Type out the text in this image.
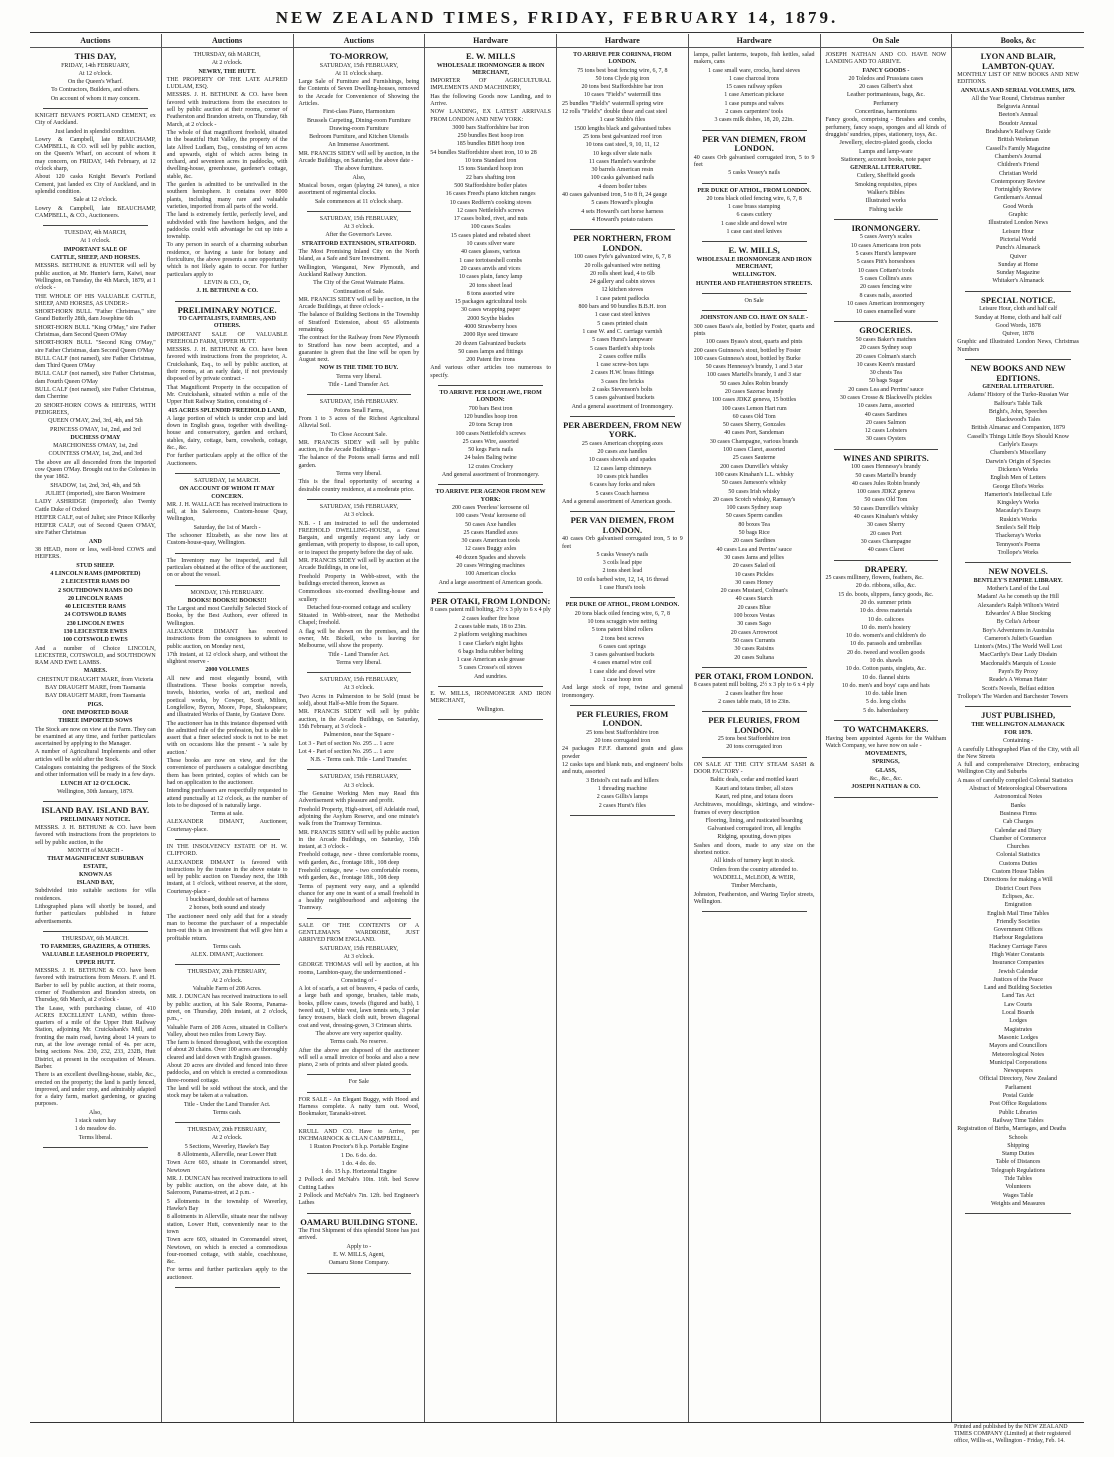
NEW ZEALAND TIMES, FRIDAY, FEBRUARY 14, 1879.
Auctions
THIS DAY,
FRIDAY, 14th FEBRUARY,
At 12 o'clock.
On the Queen's Wharf.
To Contractors, Builders, and others.
On account of whom it may concern.
KNIGHT BEVAN'S PORTLAND CEMENT, ex City of Auckland.
Just landed in splendid condition.
Lowry & Campbell, late BEAUCHAMP, CAMPBELL, & CO. will sell by public auction, on the Queen's Wharf, on account of whom it may concern, on FRIDAY, 14th February, at 12 o'clock sharp,
About 120 casks Knight Bevan's Portland Cement, just landed ex City of Auckland, and in splendid condition.
Sale at 12 o'clock.
Lowry & Campbell, late BEAUCHAMP, CAMPBELL, & CO., Auctioneers.
TUESDAY, 4th MARCH,
At 1 o'clock.
IMPORTANT SALE OF
CATTLE, SHEEP, AND HORSES.
MESSRS. BETHUNE & HUNTER will sell by public auction, at Mr. Hunter's farm, Kaiwi, near Wellington, on Tuesday, the 4th March, 1879, at 1 o'clock -
THE WHOLE OF HIS VALUABLE CATTLE, SHEEP, AND HORSES, AS UNDER:-
SHORT-HORN BULL "Father Christmas," sire Grand Butterfly 28th, dam Josephine 6th
SHORT-HORN BULL "King O'May," sire Father Christmas, dam Second Queen O'May
SHORT-HORN BULL "Second King O'May," sire Father Christmas, dam Second Queen O'May
BULL CALF (not named), sire Father Christmas, dam Third Queen O'May
BULL CALF (not named), sire Father Christmas, dam Fourth Queen O'May
BULL CALF (not named), sire Father Christmas, dam Cherrine
20 SHORT-HORN COWS & HEIFERS, WITH PEDIGREES,
QUEEN O'MAY, 2nd, 3rd, 4th, and 5th
PRINCESS O'MAY, 1st, 2nd, and 3rd
DUCHESS O'MAY
MARCHIONESS O'MAY, 1st, 2nd
COUNTESS O'MAY, 1st, 2nd, and 3rd
The above are all descended from the imported cow Queen O'May. Brought out to the Colonies in the year 1862.
SHADOW, 1st, 2nd, 3rd, 4th, and 5th
JULIET (imported), sire Baron Westmere
LADY ASHRIDGE (imported); also Twenty Cattle Duke of Oxford
HEIFER CALF, out of Juliet; sire Prince Kilkerby
HEIFER CALF, out of Second Queen O'MAY, sire Father Christmas
AND
38 HEAD, more or less, well-bred COWS and HEIFERS.
STUD SHEEP.
4 LINCOLN RAMS (IMPORTED)
2 LEICESTER RAMS DO
2 SOUTHDOWN RAMS DO
20 LINCOLN RAMS
40 LEICESTER RAMS
24 COTSWOLD RAMS
230 LINCOLN EWES
130 LEICESTER EWES
100 COTSWOLD EWES
And a number of Choice LINCOLN, LEICESTER, COTSWOLD, and SOUTHDOWN RAM AND EWE LAMBS.
MARES.
CHESTNUT DRAUGHT MARE, from Victoria
BAY DRAUGHT MARE, from Tasmania
BAY DRAUGHT MARE, from Tasmania
PIGS.
ONE IMPORTED BOAR
THREE IMPORTED SOWS
The Stock are now on view at the Farm. They can be examined at any time, and further particulars ascertained by applying to the Manager.
A number of Agricultural Implements and other articles will be sold after the Stock.
Catalogues containing the pedigrees of the Stock and other information will be ready in a few days.
LUNCH AT 12 O'CLOCK.
Wellington, 30th January, 1879.
ISLAND BAY. ISLAND BAY.
PRELIMINARY NOTICE.
MESSRS. J. H. BETHUNE & CO. have been favored with instructions from the proprietors to sell by public auction, in the
MONTH of MARCH -
THAT MAGNIFICENT SUBURBAN ESTATE,
KNOWN AS
ISLAND BAY,
Subdivided into suitable sections for villa residences.
Lithographed plans will shortly be issued, and further particulars published in future advertisements.
THURSDAY, 6th MARCH.
TO FARMERS, GRAZIERS, & OTHERS.
VALUABLE LEASEHOLD PROPERTY, UPPER HUTT.
MESSRS. J. H. BETHUNE & CO. have been favored with instructions from Messrs. F. and H. Barber to sell by public auction, at their rooms, corner of Featherston and Brandon streets, on Thursday, 6th March, at 2 o'clock -
The Lease, with purchasing clause, of 410 ACRES EXCELLENT LAND, within three-quarters of a mile of the Upper Hutt Railway Station, adjoining Mr. Cruickshank's Mill, and fronting the main road, having about 14 years to run, at the low average rental of 4s. per acre, being sections Nos. 230, 232, 233, 232B, Hutt District, at present in the occupation of Messrs. Barber.
There is an excellent dwelling-house, stable, &c., erected on the property; the land is partly fenced, improved, and under crop, and admirably adapted for a dairy farm, market gardening, or grazing purposes.
Also,
1 stack oaten hay
1 do meadow do.
Terms liberal.
Auctions
THURSDAY, 6th MARCH,
At 2 o'clock.
NEWRY, THE HUTT.
THE PROPERTY OF THE LATE ALFRED LUDLAM, ESQ.
MESSRS. J. H. BETHUNE & CO. have been favored with instructions from the executors to sell by public auction at their rooms, corner of Featherston and Brandon streets, on Thursday, 6th March, at 2 o'clock -
The whole of that magnificent freehold, situated in the beautiful Hutt Valley, the property of the late Alfred Ludlam, Esq., consisting of ten acres and upwards, eight of which acres being in orchard, and seventeen acres in paddocks, with dwelling-house, greenhouse, gardener's cottage, stable, &c.
The garden is admitted to be unrivalled in the southern hemisphere. It contains over 8000 plants, including many rare and valuable varieties, imported from all parts of the world.
The land is extremely fertile, perfectly level, and subdivided with fine hawthorn hedges, and the paddocks could with advantage be cut up into a township.
To any person in search of a charming suburban residence, or having a taste for botany and floriculture, the above presents a rare opportunity which is not likely again to occur. For further particulars apply to
LEVIN & CO., Or,
J. H. BETHUNE & CO.
PRELIMINARY NOTICE.
TO CAPITALISTS, FARMERS, AND OTHERS.
IMPORTANT SALE OF VALUABLE FREEHOLD FARM, UPPER HUTT.
MESSRS. J. H. BETHUNE & CO. have been favored with instructions from the proprietor, A. Cruickshank, Esq., to sell by public auction, at their rooms, at an early date, if not previously disposed of by private contract -
That Magnificent Property in the occupation of Mr. Cruickshank, situated within a mile of the Upper Hutt Railway Station, consisting of -
415 ACRES SPLENDID FREEHOLD LAND,
A large portion of which is under crop and laid down in English grass, together with dwelling-house and conservatory, garden and orchard, stables, dairy, cottage, barn, cowsheds, cottage, &c., &c.
For further particulars apply at the office of the Auctioneers.
SATURDAY, 1st MARCH.
ON ACCOUNT OF WHOM IT MAY CONCERN.
MR. J. H. WALLACE has received instructions to sell, at his Salerooms, Custom-house Quay, Wellington,
Saturday, the 1st of March -
The schooner Elizabeth, as she now lies at Custom-house-quay, Wellington.
The Inventory may be inspected, and full particulars obtained at the office of the auctioneer, on or about the vessel.
MONDAY, 17th FEBRUARY.
BOOKS! BOOKS!! BOOKS!!!
The Largest and most Carefully Selected Stock of Books, by the Best Authors, ever offered in Wellington.
ALEXANDER DIMANT has received instructions from the consignees to submit to public auction, on Monday next,
17th instant, at 12 o'clock sharp, and without the slightest reserve -
2000 VOLUMES
All new and most elegantly bound, with illustrations. These books comprise novels, travels, histories, works of art, medical and poetical works, by Cowper, Scott, Milton, Longfellow, Byron, Moore, Pope, Shakespeare; and illustrated Works of Dante, by Gustave Dore.
The auctioneer has in this instance dispensed with the admitted rule of the profession, but is able to assert that a finer selected stock is not to be met with on occasions like the present - 'a sale by auction.'
These books are now on view, and for the convenience of purchasers a catalogue describing them has been printed, copies of which can be had on application to the auctioneer.
Intending purchasers are respectfully requested to attend punctually at 12 o'clock, as the number of lots to be disposed of is naturally large.
Terms at sale.
ALEXANDER DIMANT, Auctioneer, Courtenay-place.
IN THE INSOLVENCY ESTATE OF H. W. CLIFFORD.
ALEXANDER DIMANT is favored with instructions by the trustee in the above estate to sell by public auction on Tuesday next, the 18th instant, at 1 o'clock, without reserve, at the store, Courtenay-place -
1 buckboard, double set of harness
2 horses, both sound and steady
The auctioneer need only add that for a steady man to become the purchaser of a respectable turn-out this is an investment that will give him a profitable return.
Terms cash.
ALEX. DIMANT, Auctioneer.
THURSDAY, 20th FEBRUARY,
At 2 o'clock.
Valuable Farm of 208 Acres.
MR. J. DUNCAN has received instructions to sell by public auction, at his Sale Rooms, Panama-street, on Thursday, 20th instant, at 2 o'clock, p.m., -
Valuable Farm of 208 Acres, situated in Collier's Valley, about two miles from Lowry Bay.
The farm is fenced throughout, with the exception of about 20 chains. Over 100 acres are thoroughly cleared and laid down with English grasses.
About 20 acres are divided and fenced into three paddocks, and on which is erected a commodious three-roomed cottage.
The land will be sold without the stock, and the stock may be taken at a valuation.
Title - Under the Land Transfer Act.
Terms cash.
THURSDAY, 20th FEBRUARY,
At 2 o'clock.
5 Sections, Waverley, Hawke's Bay
8 Allotments, Allerville, near Lower Hutt
Town Acre 603, situate in Coromandel street, Newtown
MR. J. DUNCAN has received instructions to sell by public auction, on the above date, at his Saleroom, Panama-street, at 2 p.m. -
5 allotments in the township of Waverley, Hawke's Bay
8 allotments in Allerville, situate near the railway station, Lower Hutt, conveniently near to the town
Town acre 603, situated in Coromandel street, Newtown, on which is erected a commodious four-roomed cottage, with stable, coachhouse, &c.
For terms and further particulars apply to the auctioneer.
Auctions
TO-MORROW,
SATURDAY, 15th FEBRUARY,
At 11 o'clock sharp.
Large Sale of Furniture and Furnishings, being the Contents of Seven Dwelling-houses, removed to the Arcade for Convenience of Showing the Articles.
First-class Piano, Harmonium
Brussels Carpeting, Dining-room Furniture
Drawing-room Furniture
Bedroom Furniture, and Kitchen Utensils
An Immense Assortment.
MR. FRANCIS SIDEY will sell by auction, in the Arcade Buildings, on Saturday, the above date -
The above furniture.
Also,
Musical boxes, organ (playing 24 tunes), a nice assortment of regimental clocks.
Sale commences at 11 o'clock sharp.
SATURDAY, 15th FEBRUARY,
At 3 o'clock.
After the Governor's Levee.
STRATFORD EXTENSION, STRATFORD.
The Most Promising Inland City on the North Island, as a Safe and Sure Investment.
Wellington, Wanganui, New Plymouth, and Auckland Railway Junction.
The City of the Great Waimate Plains.
Continuation of Sale.
MR. FRANCIS SIDEY will sell by auction, in the Arcade Buildings, at three o'clock -
The balance of Building Sections in the Township of Stratford Extension, about 65 allotments remaining.
The contract for the Railway from New Plymouth to Stratford has now been accepted, and a guarantee is given that the line will be open by August next.
NOW IS THE TIME TO BUY.
Terms very liberal.
Title - Land Transfer Act.
SATURDAY, 15th FEBRUARY.
Potons Small Farms,
From 1 to 3 acres of the Richest Agricultural Alluvial Soil.
To Close Account Sale.
MR. FRANCIS SIDEY will sell by public auction, in the Arcade Buildings -
The balance of the Potons small farms and mill garden.
Terms very liberal.
This is the final opportunity of securing a desirable country residence, at a moderate price.
SATURDAY, 15th FEBRUARY,
At 3 o'clock.
N.B. - I am instructed to sell the undernoted FREEHOLD DWELLING-HOUSE, a Great Bargain, and urgently request any lady or gentleman, with property to dispose, to call upon, or to inspect the property before the day of sale.
MR. FRANCIS SIDEY will sell by auction at the Arcade Buildings, in one lot,
Freehold Property in Webb-street, with the buildings erected thereon, known as
Commodious six-roomed dwelling-house and scullery
Detached four-roomed cottage and scullery
Situated in Webb-street, near the Methodist Chapel; freehold.
A flag will be shown on the premises, and the owner, Mr. Bickell, who is leaving for Melbourne, will show the property.
Title - Land Transfer Act.
Terms very liberal.
SATURDAY, 15th FEBRUARY,
At 3 o'clock.
Two Acres in Palmerston to be Sold (must be sold), about Half-a-Mile from the Square.
MR. FRANCIS SIDEY will sell by public auction, in the Arcade Buildings, on Saturday, 15th February, at 3 o'clock -
Palmerston, near the Square -
Lot 3 - Part of section No. 295 ... 1 acre
Lot 4 - Part of section No. 295 ... 1 acre
N.B. - Terms cash. Title - Land Transfer.
SATURDAY, 15th FEBRUARY,
At 3 o'clock.
The Genuine Working Men may Read this Advertisement with pleasure and profit.
Freehold Property, High-street, off Adelaide road, adjoining the Asylum Reserve, and one minute's walk from the Tramway Terminus.
MR. FRANCIS SIDEY will sell by public auction in the Arcade Buildings, on Saturday, 15th instant, at 3 o'clock -
Freehold cottage, new - three comfortable rooms, with garden, &c., frontage 18ft., 108 deep
Freehold cottage, new - two comfortable rooms, with garden, &c., frontage 18ft., 108 deep
Terms of payment very easy, and a splendid chance for any one in want of a small freehold in a healthy neighbourhood and adjoining the Tramway.
SALE OF THE CONTENTS OF A GENTLEMAN'S WARDROBE, JUST ARRIVED FROM ENGLAND.
SATURDAY, 15th FEBRUARY,
At 3 o'clock.
GEORGE THOMAS will sell by auction, at his rooms, Lambton-quay, the undermentioned -
Consisting of -
A lot of scarfs, a set of beavers, 4 packs of cards, a large bath and sponge, brushes, table mats, books, pillow cases, towels (figured and bath), 1 tweed suit, 1 white vest, lawn tennis sets, 3 polar fancy trousers, black cloth suit, brown diagonal coat and vest, dressing-gown, 3 Crimean shirts.
The above are very superior quality.
Terms cash. No reserve.
After the above are disposed of the auctioneer will sell a small invoice of books and also a new piano, 2 sets of prints and silver plated goods.
For Sale
FOR SALE - An Elegant Buggy, with Hood and Harness complete. A natty turn out. Wood, Bookmaker, Taranaki-street.
KRULL AND CO. Have to Arrive, per INCHMARNOCK & CLAN CAMPBELL,
1 Ruston Proctor's 8 h.p. Portable Engine
1 Do. 6 do. do.
1 do. 4 do. do.
1 do. 15 h.p. Horizontal Engine
2 Pollock and McNab's 10in. 16ft. bed Screw Cutting Lathes
2 Pollock and McNab's 7in. 12ft. bed Engineer's Lathes
OAMARU BUILDING STONE.
The First Shipment of this splendid Stone has just arrived.
Apply to -
E. W. MILLS, Agent,
Oamaru Stone Company.
Hardware
E. W. MILLS
WHOLESALE IRONMONGER & IRON MERCHANT,
IMPORTER OF AGRICULTURAL IMPLEMENTS AND MACHINERY,
Has the following Goods now Landing, and to Arrive.
NOW LANDING, EX LATEST ARRIVALS FROM LONDON AND NEW YORK:
3000 bars Staffordshire bar iron
250 bundles Best hoop iron
185 bundles BBH hoop iron
54 bundles Staffordshire sheet iron, 10 to 28
10 tons Standard iron
15 tons Standard hoop iron
22 bars shafting iron
500 Staffordshire boiler plates
16 cases Freed's piano kitchen ranges
10 cases Redfern's cooking stoves
12 cases Nettlefold's screws
17 cases bolted, rivet, and nuts
100 cases Scales
15 cases plated and rebated sheet
10 cases silver ware
40 cases glasses, various
1 case tortoiseshell combs
20 cases anvils and vices
10 cases plain, fancy lamp
20 tons sheet lead
8 tons assorted wire
15 packages agricultural tools
30 cases wrapping paper
2000 Scythe blades
4000 Strawberry hoes
2000 Rye seed tinware
20 dozen Galvanized buckets
50 cases lamps and fittings
200 Patent fire irons
And various other articles too numerous to specify.
TO ARRIVE PER LOCH AWE, FROM LONDON:
700 bars Best iron
120 bundles hoop iron
20 tons Scrap iron
100 cases Nettlefold's screws
25 cases Wire, assorted
50 kegs Paris nails
24 bales Baling twine
12 crates Crockery
And general assortment of Ironmongery.
TO ARRIVE PER AGENOR FROM NEW YORK:
200 cases 'Peerless' kerosene oil
100 cases 'Vesta' kerosene oil
50 cases Axe handles
25 cases Handled axes
30 cases American tools
12 cases Buggy axles
40 dozen Spades and shovels
20 cases Wringing machines
100 American clocks
And a large assortment of American goods.
PER OTAKI, FROM LONDON:
8 cases patent mill bolting, 2½ x 3 ply to 6 x 4 ply
2 cases leather fire hose
2 cases table mats, 18 to 23in.
2 platform weighing machines
1 case Clarke's night lights
6 bags India rubber belting
1 case American axle grease
5 cases Crosse's oil stoves
And sundries.
E. W. MILLS, IRONMONGER AND IRON MERCHANT,
Wellington.
Hardware
TO ARRIVE PER CORINNA, FROM LONDON.
75 tons best boat fencing wire, 6, 7, 8
50 tons Clyde pig iron
20 tons best Staffordshire bar iron
10 cases "Field's" watermill tins
25 bundles "Field's" watermill spring wire
12 rolls "Field's" double thear and cast steel
1 case Stubb's files
1500 lengths black and galvanised tubes
25 tons best galvanized roof iron
10 tons cast steel, 9, 10, 11, 12
10 kegs silver slate nails
11 cases Hamlet's wardrobe
30 barrels American resin
100 casks galvanised nails
4 dozen boiler tubes
40 cases galvanised iron, 5 to 8 ft, 24 gauge
5 cases Howard's ploughs
4 sets Howard's cart horse harness
4 Howard's potato raisers
PER NORTHERN, FROM LONDON.
100 cases Fyfe's galvanized wire, 6, 7, 8
20 rolls galvanised wire netting
20 rolls sheet lead, 4 to 6lb
24 gallery and cabin stoves
12 kitchen stoves
1 case patent padlocks
800 bars and 90 bundles B.B.H. iron
1 case cast steel knives
5 cases printed chain
1 case W. and C. carriage varnish
5 cases Hurst's lampware
5 cases Bartlett's ship tools
2 cases coffee mills
1 case screw-box taps
2 cases H.W. brass fittings
3 cases fire bricks
2 casks Stevenson's bolts
5 cases galvanised buckets
And a general assortment of Ironmongery.
PER ABERDEEN, FROM NEW YORK.
25 cases American chopping axes
20 cases axe handles
10 cases shovels and spades
12 cases lamp chimneys
10 cases pick handles
6 cases hay forks and rakes
5 cases Coach harness
And a general assortment of American goods.
PER VAN DIEMEN, FROM LONDON.
40 cases Orb galvanised corrugated iron, 5 to 9 feet
5 casks Vessey's nails
3 coils lead pipe
2 tons sheet lead
10 coils barbed wire, 12, 14, 16 thread
1 case Hurst's tools
PER DUKE OF ATHOL, FROM LONDON.
20 tons black oiled fencing wire, 6, 7, 8
10 tons scraggin wire netting
5 tons patent blind rollers
2 tons best screws
6 cases cast springs
3 cases galvanised buckets
4 cases enamel wire coil
1 case slide and dowel wire
1 case hoop iron
And large stock of rope, twine and general ironmongery.
PER FLEURIES, FROM LONDON.
25 tons best Staffordshire iron
20 tons corrugated iron
24 packages F.F.F. diamond grain and glass powder
12 casks taps and blank nuts, and engineers' bolts and nuts, assorted
3 Bristol's cut nails and hillers
1 threading machine
2 cases Gillis's lamps
2 cases Hurst's files
Hardware
lamps, pallet lanterns, teapots, fish kettles, salad makers, cans
1 case small ware, crocks, hand sieves
1 case charcoal irons
15 cases railway spikes
1 case American pickaxe
1 case pumps and valves
2 cases carpenters' tools
3 cases milk dishes, 18, 20, 22in.
PER VAN DIEMEN, FROM LONDON.
40 cases Orb galvanised corrugated iron, 5 to 9 feet
5 casks Vessey's nails
PER DUKE OF ATHOL, FROM LONDON.
20 tons black oiled fencing wire, 6, 7, 8
1 case brass stamping
6 cases cutlery
1 case slide and dowel wire
1 case cast steel knives
E. W. MILLS,
WHOLESALE IRONMONGER AND IRON MERCHANT,
WELLINGTON.
HUNTER AND FEATHERSTON STREETS.
On Sale
JOHNSTON AND CO. HAVE ON SALE -
300 cases Bass's ale, bottled by Foster, quarts and pints
100 cases Byass's stout, quarts and pints
200 cases Guinness's stout, bottled by Foster
100 cases Guinness's stout, bottled by Burke
50 cases Hennessy's brandy, 1 and 3 star
100 cases Martell's brandy, 1 and 3 star
50 cases Jules Robin brandy
20 cases Sazerac brandy
100 cases JDKZ geneva, 15 bottles
100 cases Lemon Hart rum
60 cases Old Tom
50 cases Sherry, Gonzales
40 cases Port, Sandeman
30 cases Champagne, various brands
100 cases Claret, assorted
25 cases Sauterne
200 cases Dunville's whisky
100 cases Kinahan's L.L. whisky
50 cases Jameson's whisky
50 cases Irish whisky
20 cases Scotch whisky, Ramsay's
100 cases Sydney soap
50 cases Sperm candles
80 boxes Tea
50 bags Rice
20 cases Sardines
40 cases Lea and Perrins' sauce
30 cases Jams and jellies
20 cases Salad oil
10 cases Pickles
30 cases Honey
20 cases Mustard, Colman's
40 cases Starch
20 cases Blue
100 boxes Vestas
30 cases Sago
20 cases Arrowroot
50 cases Currants
30 cases Raisins
20 cases Sultana
PER OTAKI, FROM LONDON.
8 cases patent mill bolting, 2½ x 3 ply to 6 x 4 ply
2 cases leather fire hose
2 cases table mats, 18 to 23in.
PER FLEURIES, FROM LONDON.
25 tons best Staffordshire iron
20 tons corrugated iron
ON SALE AT THE CITY STEAM SASH & DOOR FACTORY -
Baltic deals, cedar and mottled kauri
Kauri and totara timber, all sizes
Kauri, red pine, and totara doors
Architraves, mouldings, skirtings, and window-frames of every description
Flooring, lining, and rusticated boarding
Galvanised corrugated iron, all lengths
Ridging, spouting, down pipes
Sashes and doors, made to any size on the shortest notice.
All kinds of turnery kept in stock.
Orders from the country attended to.
WADDELL, McLEOD, & WEIR,
Timber Merchants,
Johnston, Featherston, and Waring Taylor streets, Wellington.
On Sale
JOSEPH NATHAN AND CO. HAVE NOW LANDING AND TO ARRIVE.
FANCY GOODS -
20 Toledos and Prussians cases
20 cases Gilbert's shot
Leather portmanteaus, bags, &c.
Perfumery
Concertinas, harmoniums
Fancy goods, comprising - Brushes and combs, perfumery, fancy soaps, sponges and all kinds of druggists' sundries, pipes, stationery, toys, &c.
Jewellery, electro-plated goods, clocks
Lamps and lamp-ware
Stationery, account books, note paper
GENERAL LITERATURE.
Cutlery, Sheffield goods
Smoking requisites, pipes
Walker's Bibles
Illustrated works
Fishing tackle
IRONMONGERY.
5 cases Avery's scales
10 cases Americans iron pots
5 cases Hurst's lampware
5 cases Pitt's horseshoes
10 cases Cottam's tools
5 cases Collins's axes
20 cases fencing wire
8 cases nails, assorted
10 cases American ironmongery
10 cases enamelled ware
GROCERIES.
50 cases Baker's matches
20 cases Sydney soap
20 cases Colman's starch
10 cases Keen's mustard
30 chests Tea
50 bags Sugar
20 cases Lea and Perrins' sauce
30 cases Crosse & Blackwell's pickles
10 cases Jams, assorted
40 cases Sardines
20 cases Salmon
12 cases Lobsters
30 cases Oysters
WINES AND SPIRITS.
100 cases Hennessy's brandy
50 cases Martell's brandy
40 cases Jules Robin brandy
100 cases JDKZ geneva
50 cases Old Tom
50 cases Dunville's whisky
40 cases Kinahan's whisky
30 cases Sherry
20 cases Port
30 cases Champagne
40 cases Claret
DRAPERY.
25 cases millinery, flowers, feathers, &c.
20 do. ribbons, silks, &c.
15 do. boots, slippers, fancy goods, &c.
20 do. summer prints
10 do. dress materials
10 do. calicoes
10 do. men's hosiery
10 do. women's and children's do
10 do. parasols and umbrellas
20 do. tweed and woollen goods
10 do. shawls
10 do. Cotton pants, singlets, &c.
10 do. flannel shirts
10 do. men's and boys' caps and hats
10 do. table linen
5 do. long cloths
5 do. haberdashery
TO WATCHMAKERS.
Having been appointed Agents for the Waltham Watch Company, we have now on sale -
MOVEMENTS,
SPRINGS,
GLASS,
&c., &c., &c.
JOSEPH NATHAN & CO.
Books, &c
LYON AND BLAIR, LAMBTON-QUAY.
MONTHLY LIST OF NEW BOOKS AND NEW EDITIONS.
ANNUALS AND SERIAL VOLUMES, 1879.
All the Year Round, Christmas number
Belgravia Annual
Beeton's Annual
Boudoir Annual
Bradshaw's Railway Guide
British Workman
Cassell's Family Magazine
Chambers's Journal
Children's Friend
Christian World
Contemporary Review
Fortnightly Review
Gentleman's Annual
Good Words
Graphic
Illustrated London News
Leisure Hour
Pictorial World
Punch's Almanack
Quiver
Sunday at Home
Sunday Magazine
Whitaker's Almanack
SPECIAL NOTICE.
Leisure Hour, cloth and half calf
Sunday at Home, cloth and half calf
Good Words, 1878
Quiver, 1878
Graphic and Illustrated London News, Christmas Numbers
NEW BOOKS AND NEW EDITIONS.
GENERAL LITERATURE.
Adams' History of the Turko-Russian War
Balfour's Table Talk
Bright's, John, Speeches
Blackwood's Tales
British Almanac and Companion, 1879
Cassell's Things Little Boys Should Know
Carlyle's Essays
Chambers's Miscellany
Darwin's Origin of Species
Dickens's Works
English Men of Letters
George Eliot's Works
Hamerton's Intellectual Life
Kingsley's Works
Macaulay's Essays
Ruskin's Works
Smiles's Self Help
Thackeray's Works
Tennyson's Poems
Trollope's Works
NEW NOVELS.
BENTLEY'S EMPIRE LIBRARY.
Mother's Land of the Leal
Madam! As he cometh up the Hill
Alexander's Ralph Wilton's Weird
Edwardes' A Blue Stocking
By Celia's Arbour
Boy's Adventures in Australia
Cameron's Juliet's Guardian
Linton's (Mrs.) The World Well Lost
MacCarthy's Dear Lady Disdain
Macdonald's Marquis of Lossie
Payn's By Proxy
Reade's A Woman Hater
Scott's Novels, Belfast edition
Trollope's The Warden and Barchester Towers
JUST PUBLISHED,
THE WELLINGTON ALMANACK
FOR 1879.
Containing -
A carefully Lithographed Plan of the City, with all the New Streets
A full and comprehensive Directory, embracing Wellington City and Suburbs
A mass of carefully compiled Colonial Statistics
Abstract of Meteorological Observations
Astronomical Notes
Banks
Business Firms
Cab Charges
Calendar and Diary
Chamber of Commerce
Churches
Colonial Statistics
Customs Duties
Custom House Tables
Directions for making a Will
District Court Fees
Eclipses, &c.
Emigration
English Mail Time Tables
Friendly Societies
Government Offices
Harbour Regulations
Hackney Carriage Fares
High Water Constants
Insurance Companies
Jewish Calendar
Justices of the Peace
Land and Building Societies
Land Tax Act
Law Courts
Local Boards
Lodges
Magistrates
Masonic Lodges
Mayors and Councillors
Meteorological Notes
Municipal Corporations
Newspapers
Official Directory, New Zealand
Parliament
Postal Guide
Post Office Regulations
Public Libraries
Railway Time Tables
Registration of Births, Marriages, and Deaths
Schools
Shipping
Stamp Duties
Table of Distances
Telegraph Regulations
Tide Tables
Volunteers
Wages Table
Weights and Measures
Printed and published by the NEW ZEALAND TIMES COMPANY (Limited) at their registered office, Willis-st., Wellington - Friday, Feb. 14.
